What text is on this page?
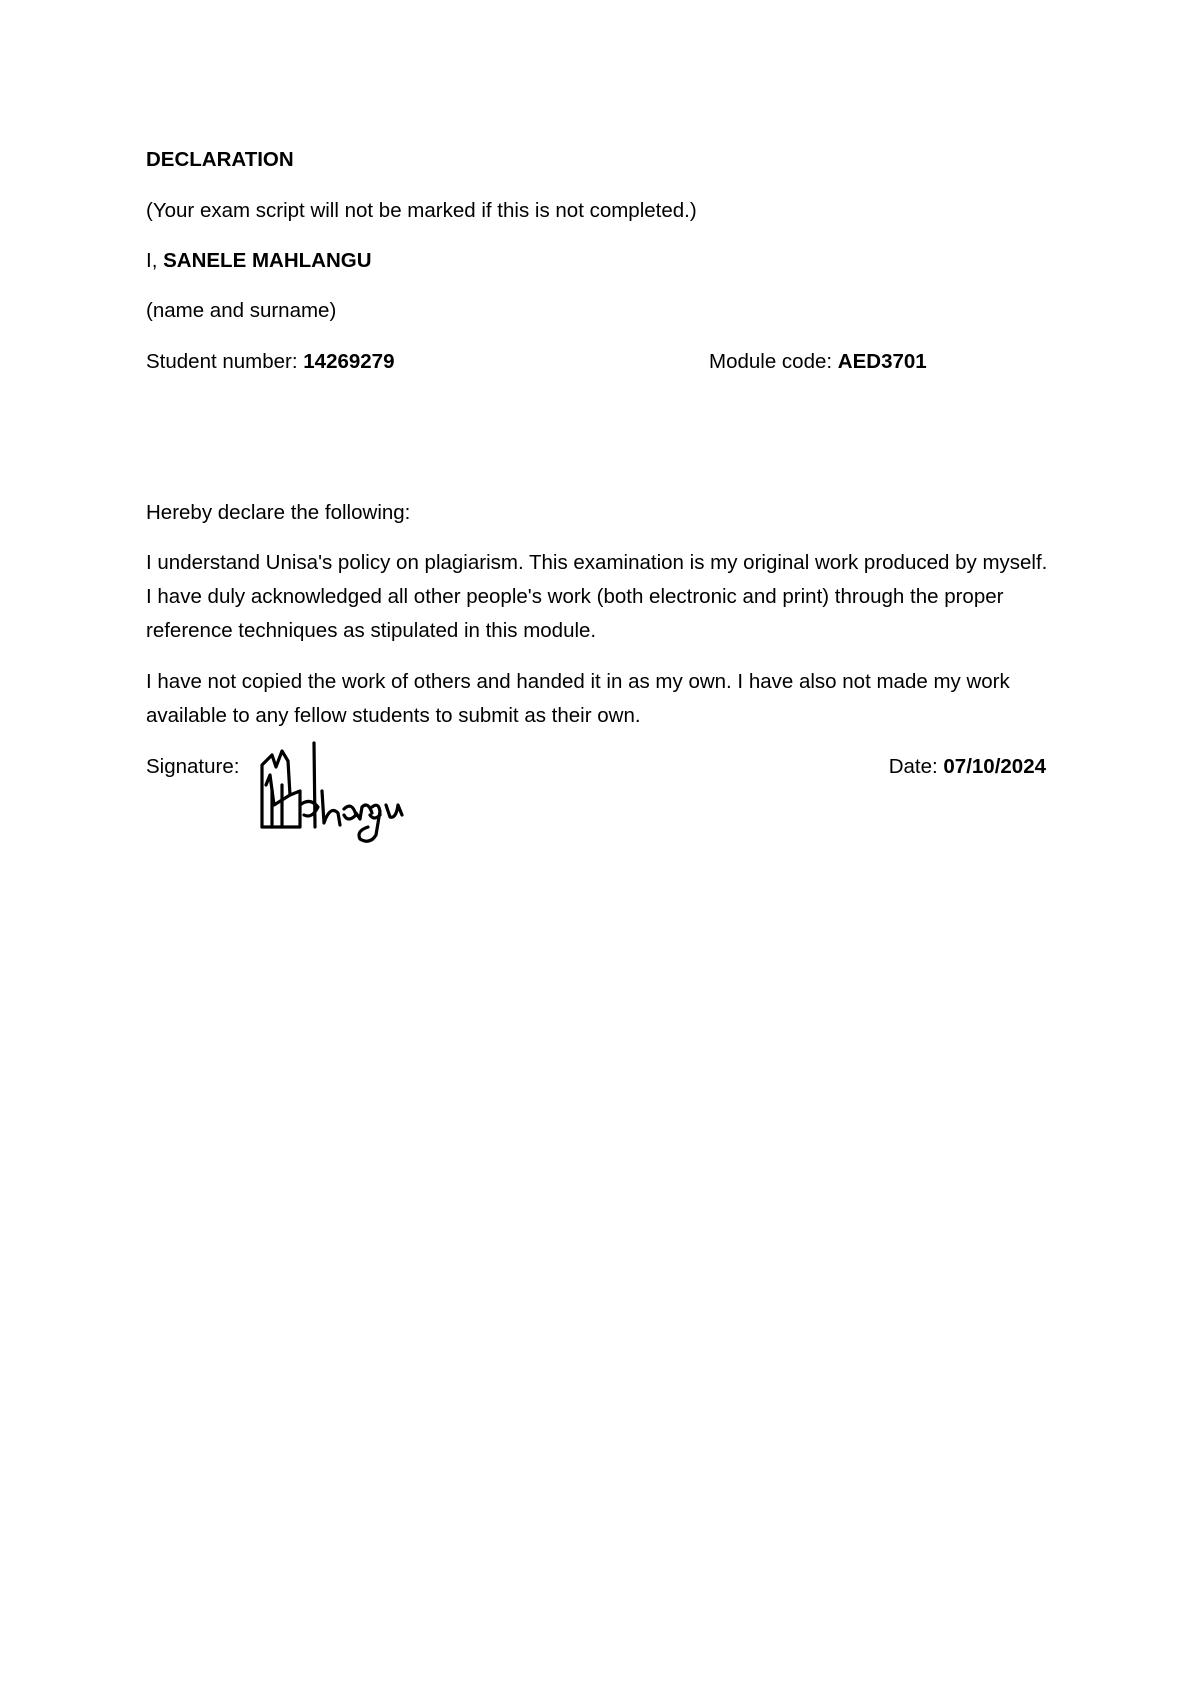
DECLARATION
(Your exam script will not be marked if this is not completed.)
I, SANELE MAHLANGU
(name and surname)
Student number: 14269279	Module code: AED3701
Hereby declare the following:
I understand Unisa's policy on plagiarism. This examination is my original work produced by myself. I have duly acknowledged all other people's work (both electronic and print) through the proper reference techniques as stipulated in this module.
I have not copied the work of others and handed it in as my own. I have also not made my work available to any fellow students to submit as their own.
Signature:	Date: 07/10/2024
